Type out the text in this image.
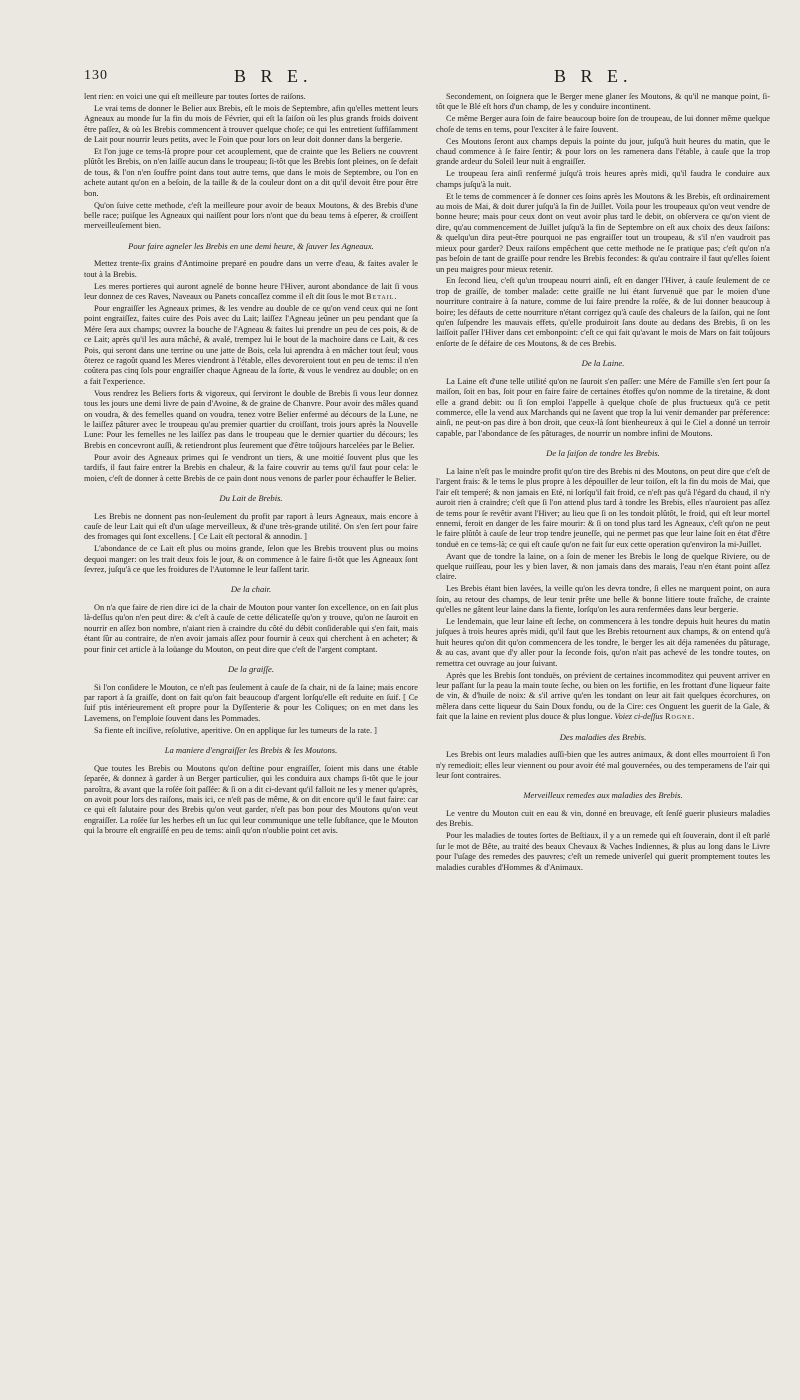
130	B R E.	B R E.

lent rien: en voici une qui eſt meilleure par toutes ſortes de raiſons.

Le vrai tems de donner le Belier aux Brebis, eſt le mois de Septembre, afin qu'elles mettent leurs Agneaux au monde ſur la fin du mois de Février, qui eſt la ſaiſon où les plus grands froids doivent être paſſez, & où les Brebis commencent à trouver quelque choſe; ce qui les entretient ſuffiſamment de Lait pour nourrir leurs petits, avec le Foin que pour lors on leur doit donner dans la bergerie.

Et l'on juge ce tems-là propre pour cet acouplement, que de crainte que les Beliers ne couvrent plûtôt les Brebis, on n'en laiſſe aucun dans le troupeau; ſi-tôt que les Brebis ſont pleines, on ſe defait de tous, & l'on n'en ſouffre point dans tout autre tems, que dans le mois de Septembre, ou l'on en achete autant qu'on en a beſoin, de la taille & de la couleur dont on a dit qu'il devoit être pour être bon.

Qu'on ſuive cette methode, c'eſt la meilleure pour avoir de beaux Moutons, & des Brebis d'une belle race; puiſque les Agneaux qui naiſſent pour lors n'ont que du beau tems à eſperer, & croiſſent merveilleuſement bien.

Pour faire agneler les Brebis en une demi heure, & ſauver les Agneaux.

Mettez trente-ſix grains d'Antimoine preparé en poudre dans un verre d'eau, & faites avaler le tout à la Brebis.

Les meres portieres qui auront agnelé de bonne heure l'Hiver, auront abondance de lait ſi vous leur donnez de ces Raves, Naveaux ou Panets concaſſez comme il eſt dit ſous le mot Betail.

Pour engraiſſer les Agneaux primes, & les vendre au double de ce qu'on vend ceux qui ne ſont point engraiſſez, faites cuire des Pois avec du Lait; laiſſez l'Agneau jeûner un peu pendant que ſa Mére ſera aux champs; ouvrez la bouche de l'Agneau & faites lui prendre un peu de ces pois, & de ce Lait; après qu'il les aura mâché, & avalé, trempez lui le bout de la machoire dans ce Lait, & ces Pois, qui seront dans une terrine ou une jatte de Bois, cela lui aprendra à en mâcher tout ſeul; vous ôterez ce ragoût quand les Meres viendront à l'étable, elles devoreroient tout en peu de tems: il n'en coûtera pas cinq ſols pour engraiſſer chaque Agneau de la ſorte, & vous le vendrez au double; on en a fait l'experience.

Vous rendrez les Beliers forts & vigoreux, qui ſerviront le double de Brebis ſi vous leur donnez tous les jours une demi livre de pain d'Avoine, & de graine de Chanvre. Pour avoir des mâles quand on voudra, & des femelles quand on voudra, tenez votre Belier enfermé au décours de la Lune, ne le laiſſez pâturer avec le troupeau qu'au premier quartier du croiſſant, trois jours après la Nouvelle Lune: Pour les femelles ne les laiſſez pas dans le troupeau que le dernier quartier du décours; les Brebis en concevront auſſi, & retiendront plus ſeurement que d'être toûjours harcelées par le Belier.

Pour avoir des Agneaux primes qui ſe vendront un tiers, & une moitié ſouvent plus que les tardifs, il faut faire entrer la Brebis en chaleur, & la faire couvrir au tems qu'il faut pour cela: le moien, c'eſt de donner à cette Brebis de ce pain dont nous venons de parler pour échauffer le Belier.

Du Lait de Brebis.

Les Brebis ne donnent pas non-ſeulement du profit par raport à leurs Agneaux, mais encore à cauſe de leur Lait qui eſt d'un uſage merveilleux, & d'une très-grande utilité. On s'en ſert pour faire des fromages qui ſont excellens. [ Ce Lait eſt pectoral & annodin. ]

L'abondance de ce Lait eſt plus ou moins grande, ſelon que les Brebis trouvent plus ou moins dequoi manger: on les trait deux fois le jour, & on commence à le faire ſi-tôt que les Agneaux ſont ſevrez, juſqu'à ce que les froidures de l'Automne le leur faſſent tarir.

De la chair.

On n'a que faire de rien dire ici de la chair de Mouton pour vanter ſon excellence, on en ſait plus là-deſſus qu'on n'en peut dire: & c'eſt à cauſe de cette délicateſſe qu'on y trouve, qu'on ne ſauroit en nourrir en aſſez bon nombre, n'aiant rien à craindre du côté du débit conſiderable qui s'en fait, mais étant ſûr au contraire, de n'en avoir jamais aſſez pour fournir à ceux qui cherchent à en acheter; & pour finir cet article à la loüange du Mouton, on peut dire que c'eſt de l'argent comptant.

De la graiſſe.

Si l'on conſidere le Mouton, ce n'eſt pas ſeulement à cauſe de ſa chair, ni de ſa laine; mais encore par raport à ſa graiſſe, dont on fait qu'on fait beaucoup d'argent lorſqu'elle eſt reduite en ſuif. [ Ce ſuif ptis intérieurement eſt propre pour la Dyſſenterie & pour les Coliques; on en met dans les Lavemens, on l'emploie ſouvent dans les Pommades.

Sa fiente eſt inciſive, reſolutive, aperitive. On en applique ſur les tumeurs de la rate. ]

La maniere d'engraiſſer les Brebis & les Moutons.

Que toutes les Brebis ou Moutons qu'on deſtine pour engraiſſer, ſoient mis dans une étable ſeparée, & donnez à garder à un Berger particulier, qui les conduira aux champs ſi-tôt que le jour paroîtra, & avant que la roſée ſoit paſſée: & ſi on a dit ci-devant qu'il falloit ne les y mener qu'après, on avoit pour lors des raiſons, mais ici, ce n'eſt pas de même, & on dit encore qu'il le faut faire: car ce qui eſt ſalutaire pour des Brebis qu'on veut garder, n'eſt pas bon pour des Moutons qu'on veut engraiſſer. La roſée ſur les herbes eſt un ſuc qui leur communique une telle ſubſtance, que le Mouton qui la brouте eſt engraiſſé en peu de tems: ainſi qu'on n'oublie point cet avis.

Secondement, on ſoignera que le Berger mene glaner ſes Moutons, & qu'il ne manque point, ſi-tôt que le Blé eſt hors d'un champ, de les y conduire incontinent.

Ce même Berger aura ſoin de faire beaucoup boire ſon de troupeau, de lui donner même quelque choſe de tems en tems, pour l'exciter à le faire ſouvent.

Ces Moutons ſeront aux champs depuis la pointe du jour, juſqu'à huit heures du matin, que le chaud commence à ſe faire ſentir; & pour lors on les ramenera dans l'étable, à cauſe que la trop grande ardeur du Soleil leur nuit à engraiſſer.

Le troupeau ſera ainſi renfermé juſqu'à trois heures après midi, qu'il faudra le conduire aux champs juſqu'à la nuit.

Et le tems de commencer à ſe donner ces ſoins après les Moutons & les Brebis, eſt ordinairement au mois de Mai, & doit durer juſqu'à la fin de Juillet. Voila pour les troupeaux qu'on veut vendre de bonne heure; mais pour ceux dont on veut avoir plus tard le debit, on obſervera ce qu'on vient de dire, qu'au commencement de Juillet juſqu'à la fin de Septembre on eſt aux choix des deux ſaiſons: & quelqu'un dira peut-être pourquoi ne pas engraiſſer tout un troupeau, & s'il n'en vaudroit pas mieux pour garder? Deux raiſons empêchent que cette methode ne ſe pratique pas; c'eſt qu'on n'a pas beſoin de tant de graiſſe pour rendre les Brebis fecondes: & qu'au contraire il faut qu'elles ſoient un peu maigres pour mieux retenir.

En ſecond lieu, c'eſt qu'un troupeau nourri ainſi, eſt en danger l'Hiver, à cauſe ſeulement de ce trop de graiſſe, de tomber malade: cette graiſſe ne lui étant ſurvenuë que par le moien d'une nourriture contraire à ſa nature, comme de lui faire prendre la roſée, & de lui donner beaucoup à boire; les défauts de cette nourriture n'étant corrigez qu'à cauſe des chaleurs de la ſaiſon, qui ne ſont qu'en ſuſpendre les mauvais effets, qu'elle produiroit ſans doute au dedans des Brebis, ſi on les laiſſoit paſſer l'Hiver dans cet embonpoint: c'eſt ce qui fait qu'avant le mois de Mars on fait toûjours enſorte de ſe défaire de ces Moutons, & de ces Brebis.

De la Laine.

La Laine eſt d'une telle utilité qu'on ne ſauroit s'en paſſer: une Mére de Famille s'en ſert pour ſa maiſon, ſoit en bas, ſoit pour en faire faire de certaines étoffes qu'on nomme de la tiretaine, & dont elle a grand debit: ou ſi ſon emploi l'appelle à quelque choſe de plus fructueux qu'à ce petit commerce, elle la vend aux Marchands qui ne ſavent que trop la lui venir demander par préference: ainſi, ne peut-on pas dire à bon droit, que ceux-là ſont bienheureux à qui le Ciel a donné un terroir capable, par l'abondance de ſes pâturages, de nourrir un nombre infini de Moutons.

De la ſaiſon de tondre les Brebis.

La laine n'eſt pas le moindre profit qu'on tire des Brebis ni des Moutons, on peut dire que c'eſt de l'argent frais: & le tems le plus propre à les dépouiller de leur toiſon, eſt la fin du mois de Mai, que l'air eſt temperé; & non jamais en Eté, ni lorſqu'il fait froid, ce n'eſt pas qu'à l'égard du chaud, il n'y auroit rien à craindre; c'eſt que ſi l'on attend plus tard à tondre les Brebis, elles n'auroient pas aſſez de tems pour ſe revêtir avant l'Hiver; au lieu que ſi on les tondoit plûtôt, le froid, qui eſt leur mortel ennemi, feroit en danger de les faire mourir: & ſi on tond plus tard les Agneaux, c'eſt qu'on ne peut le faire plûtôt à cauſe de leur trop tendre jeuneſſe, qui ne permet pas que leur laine ſoit en état d'être tonduë en ce tems-là; ce qui eſt cauſe qu'on ne fait ſur eux cette operation qu'environ la mi-Juillet.

Avant que de tondre la laine, on a ſoin de mener les Brebis le long de quelque Riviere, ou de quelque ruiſſeau, pour les y bien laver, & non jamais dans des marais, l'eau n'en étant point aſſez claire.

Les Brebis étant bien lavées, la veille qu'on les devra tondre, ſi elles ne marquent point, on aura ſoin, au retour des champs, de leur tenir prête une belle & bonne litiere toute fraîche, de crainte qu'elles ne gâtent leur laine dans la fiente, lorſqu'on les aura renfermées dans leur bergerie.

Le lendemain, que leur laine eſt ſeche, on commencera à les tondre depuis huit heures du matin juſques à trois heures après midi, qu'il faut que les Brebis retournent aux champs, & on entend qu'à huit heures qu'on dit qu'on commencera de les tondre, le berger les ait déja ramenées du pâturage, & au cas, avant que d'y aller pour la ſeconde fois, qu'on n'ait pas achevé de les tondre toutes, on remettra cet ouvrage au jour ſuivant.

Après que les Brebis ſont tonduës, on prévient de certaines incommoditez qui peuvent arriver en leur paſſant ſur la peau la main toute ſeche, ou bien on les fortifie, en les frottant d'une liqueur faite de vin, & d'huile de noix: & s'il arrive qu'en les tondant on leur ait fait quelques écorchures, on mêlera dans cette liqueur du Sain Doux fondu, ou de la Cire: ces Onguent les guerit de la Gale, & fait que la laine en revient plus douce & plus longue. Voiez ci-deſſus Rogne.

Des maladies des Brebis.

Les Brebis ont leurs maladies auſſi-bien que les autres animaux, & dont elles mourroient ſi l'on n'y remedioit; elles leur viennent ou pour avoir été mal gouvernées, ou des temperamens de l'air qui leur ſont contraires.

Merveilleux remedes aux maladies des Brebis.

Le ventre du Mouton cuit en eau & vin, donné en breuvage, eſt ſenſé guerir plusieurs maladies des Brebis.

Pour les maladies de toutes ſortes de Beſtiaux, il y a un remede qui eſt ſouverain, dont il eſt parlé ſur le mot de Bête, au traité des beaux Chevaux & Vaches Indiennes, & plus au long dans le Livre pour l'uſage des remedes des pauvres; c'eſt un remede univerſel qui guerit promptement toutes les maladies curables d'Hommes & d'Animaux.
